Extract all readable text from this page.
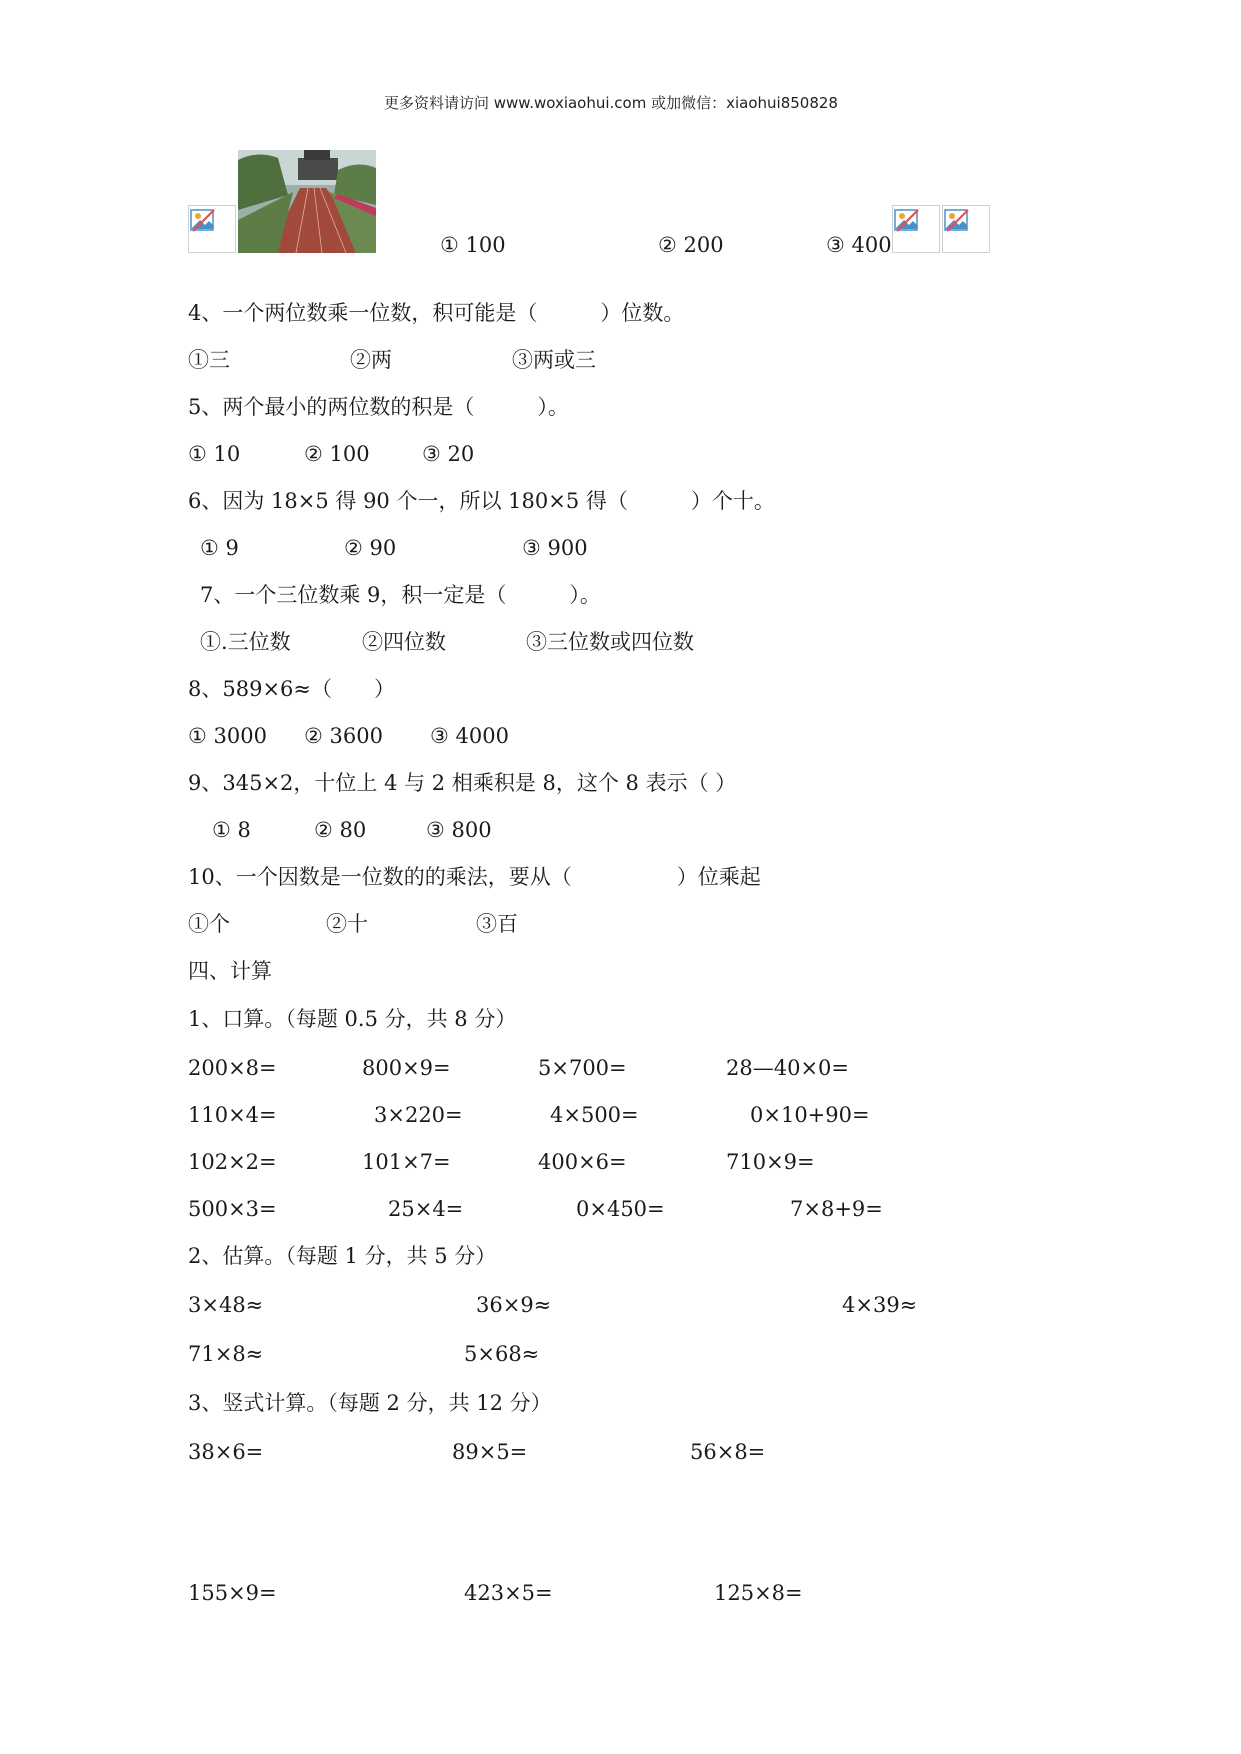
更多资料请访问 www.woxiaohui.com 或加微信：xiaohui850828
① 100	② 200	③ 400
4、一个两位数乘一位数，积可能是（　　　）位数。
①三	②两	③两或三
5、两个最小的两位数的积是（　　　）。
① 10	② 100 ③ 20
6、因为 18×5 得 90 个一，所以 180×5 得（　　　）个十。
① 9	② 90	③ 900
7、一个三位数乘 9，积一定是（　　　）。
①.三位数	②四位数	③三位数或四位数
8、589×6≈（　　）
① 3000 ② 3600 ③ 4000
9、345×2，十位上 4 与 2 相乘积是 8，这个 8 表示（ ）
① 8	② 80	③ 800
10、一个因数是一位数的的乘法，要从（　　　　　）位乘起
①个	②十	③百
四、计算
1、口算。（每题 0.5 分，共 8 分）
200×8=	800×9=	5×700=	28—40×0=
110×4=	3×220=	4×500=	0×10+90=
102×2=	101×7=	400×6=	710×9=
500×3=	25×4=	0×450=	7×8+9=
2、估算。（每题 1 分，共 5 分）
3×48≈	36×9≈	4×39≈
71×8≈	5×68≈
3、竖式计算。（每题 2 分，共 12 分）
38×6=	89×5=	56×8=
155×9=	423×5=	125×8=
